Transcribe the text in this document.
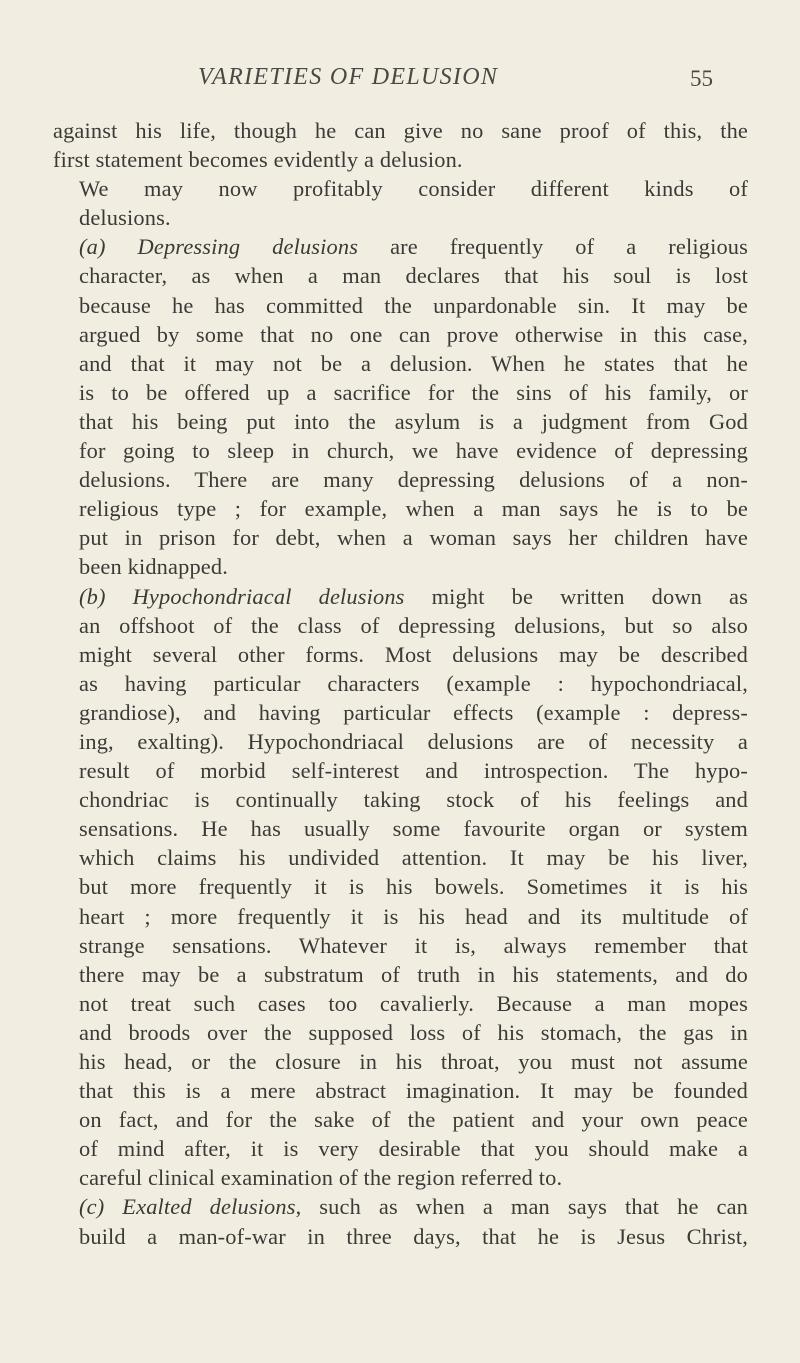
VARIETIES OF DELUSION	55

against his life, though he can give no sane proof of this, the
first statement becomes evidently a delusion.

We may now profitably consider different kinds of
delusions.

(a) Depressing delusions are frequently of a religious
character, as when a man declares that his soul is lost
because he has committed the unpardonable sin. It may be
argued by some that no one can prove otherwise in this case,
and that it may not be a delusion. When he states that he
is to be offered up a sacrifice for the sins of his family, or
that his being put into the asylum is a judgment from God
for going to sleep in church, we have evidence of depressing
delusions. There are many depressing delusions of a non-
religious type ; for example, when a man says he is to be
put in prison for debt, when a woman says her children have
been kidnapped.

(b) Hypochondriacal delusions might be written down as
an offshoot of the class of depressing delusions, but so also
might several other forms. Most delusions may be described
as having particular characters (example : hypochondriacal,
grandiose), and having particular effects (example : depress-
ing, exalting). Hypochondriacal delusions are of necessity a
result of morbid self-interest and introspection. The hypo-
chondriac is continually taking stock of his feelings and
sensations. He has usually some favourite organ or system
which claims his undivided attention. It may be his liver,
but more frequently it is his bowels. Sometimes it is his
heart ; more frequently it is his head and its multitude of
strange sensations. Whatever it is, always remember that
there may be a substratum of truth in his statements, and do
not treat such cases too cavalierly. Because a man mopes
and broods over the supposed loss of his stomach, the gas in
his head, or the closure in his throat, you must not assume
that this is a mere abstract imagination. It may be founded
on fact, and for the sake of the patient and your own peace
of mind after, it is very desirable that you should make a
careful clinical examination of the region referred to.

(c) Exalted delusions, such as when a man says that he can
build a man-of-war in three days, that he is Jesus Christ,
